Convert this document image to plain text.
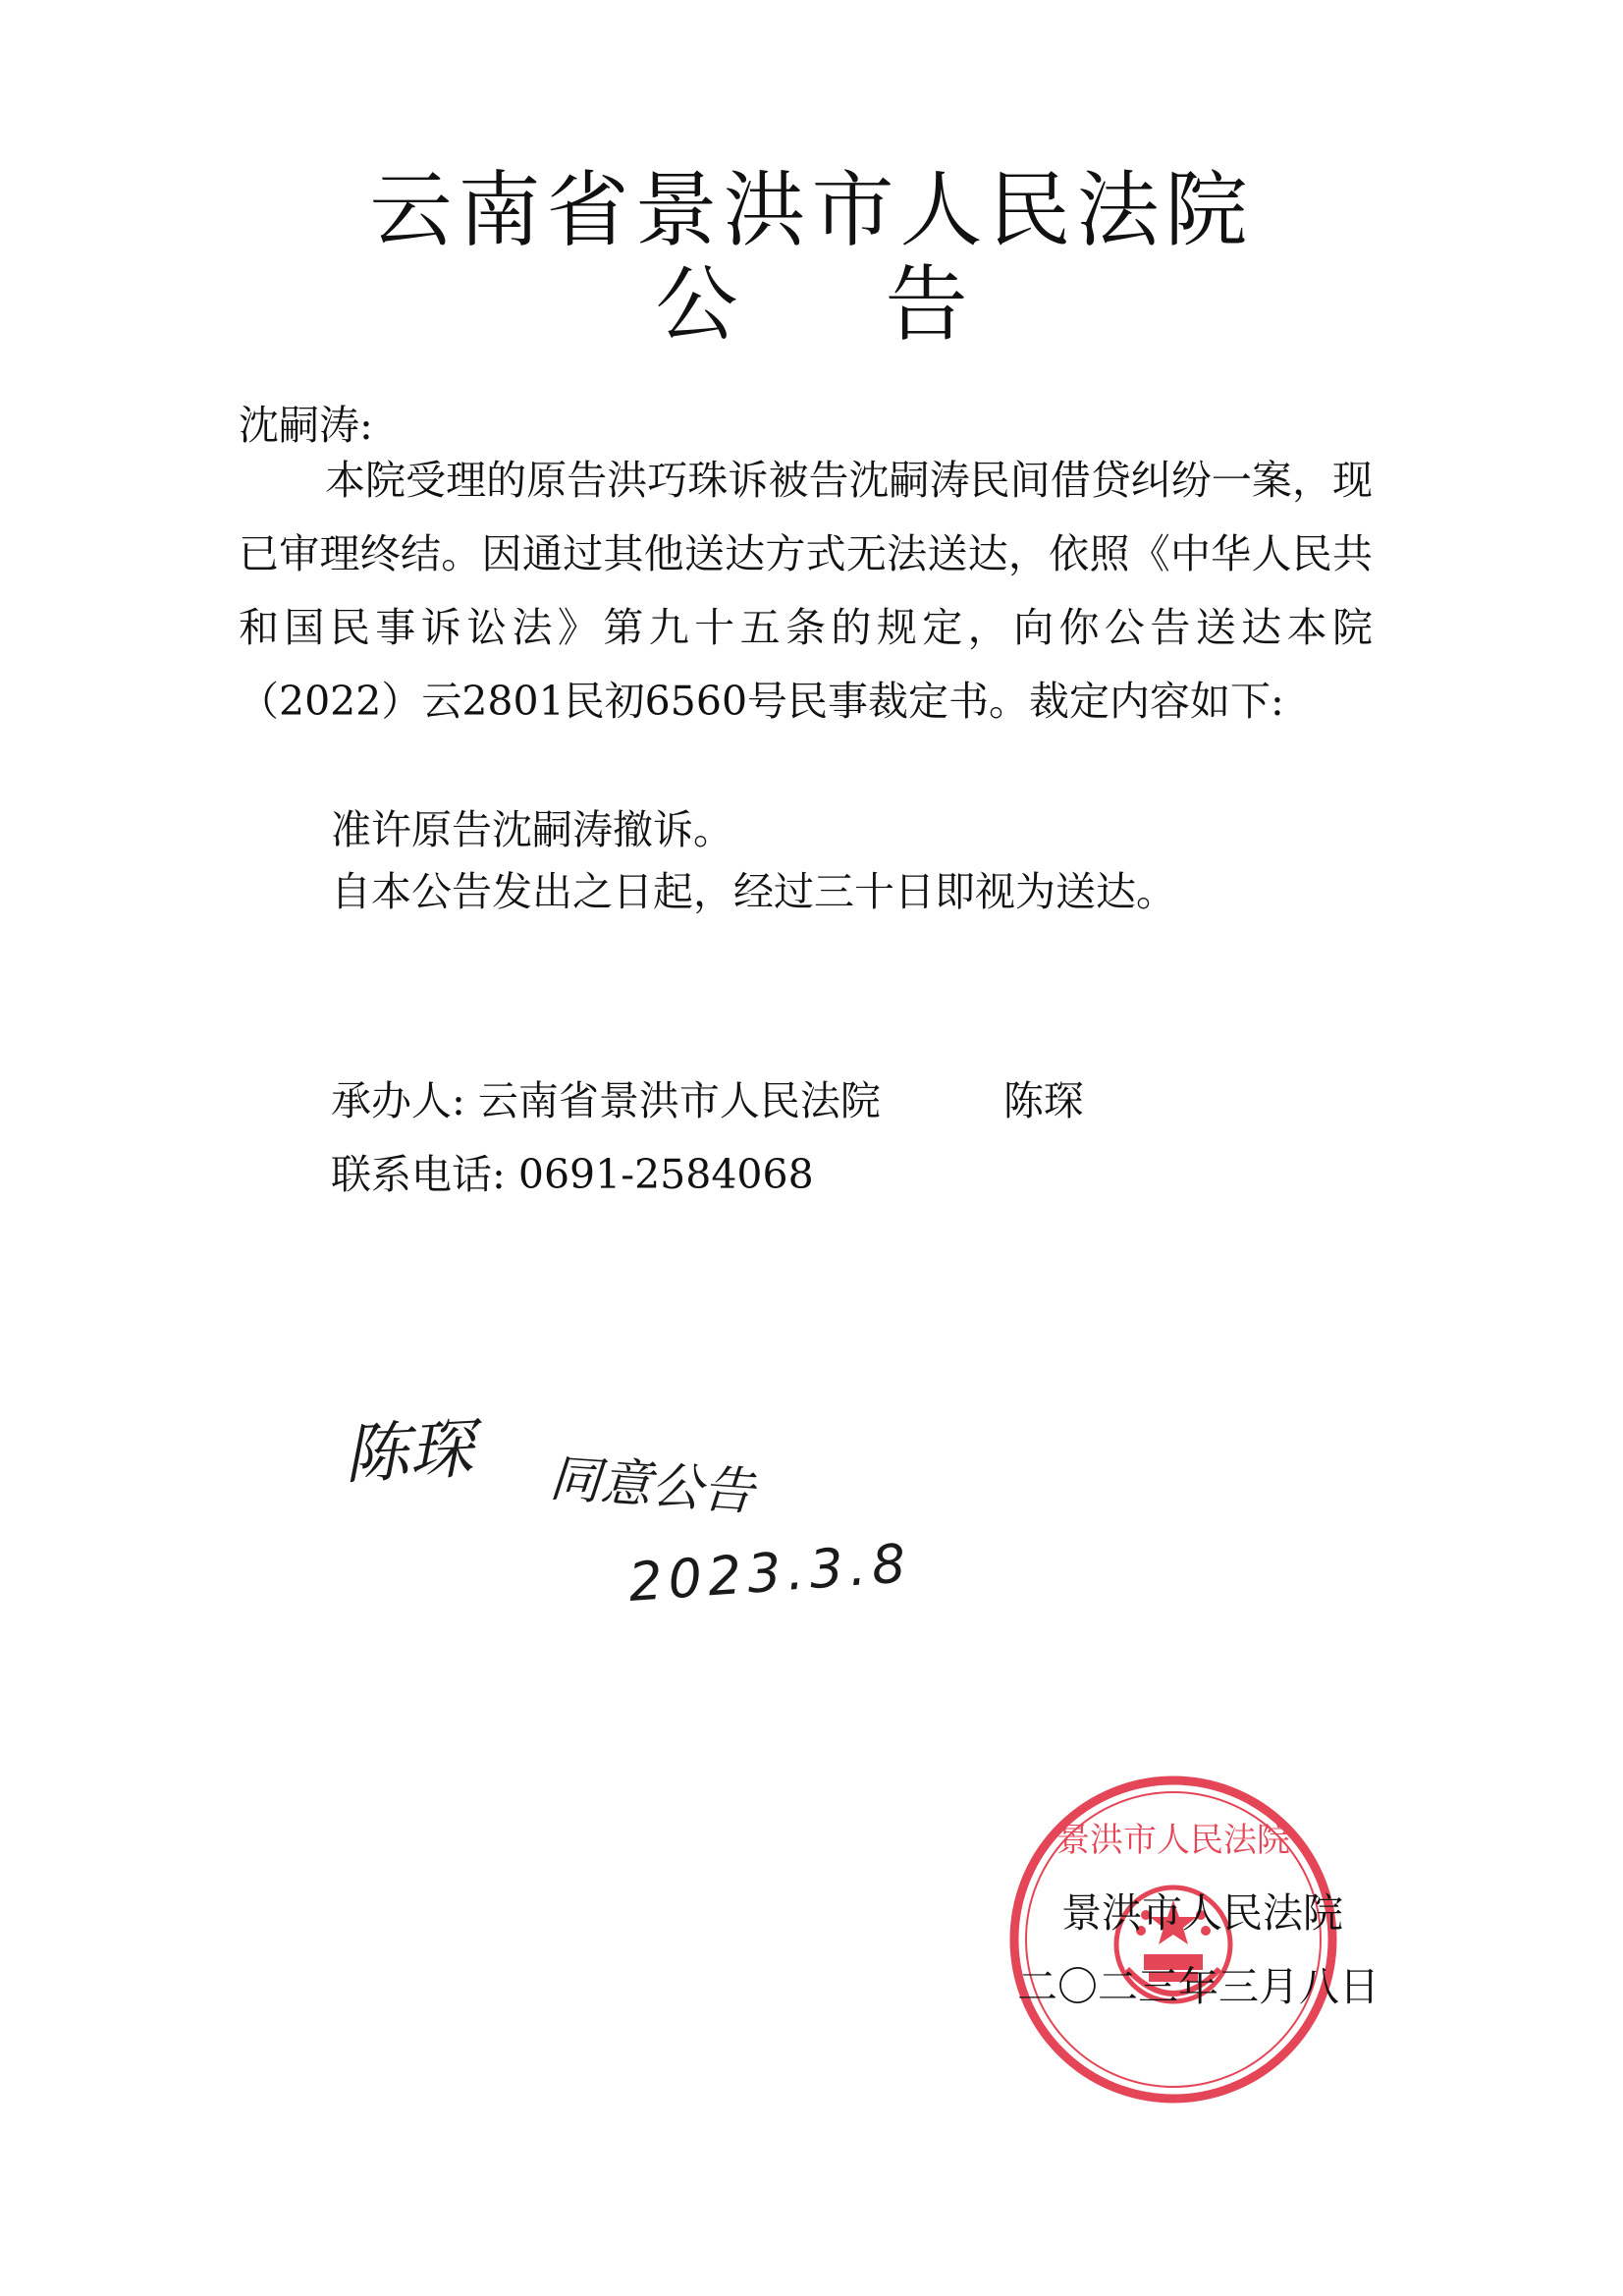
云南省景洪市人民法院
公 告
沈嗣涛:

本院受理的原告洪巧珠诉被告沈嗣涛民间借贷纠纷一案，现已审理终结。因通过其他送达方式无法送达，依照《中华人民共和国民事诉讼法》第九十五条的规定，向你公告送达本院（2022）云2801民初6560号民事裁定书。裁定内容如下:

准许原告沈嗣涛撤诉。
自本公告发出之日起，经过三十日即视为送达。
承办人: 云南省景洪市人民法院	陈琛
联系电话: 0691-2584068
陈琛 同意公告
2023.3.8
景洪市人民法院
景洪市人民法院
二〇二三年三月八日
